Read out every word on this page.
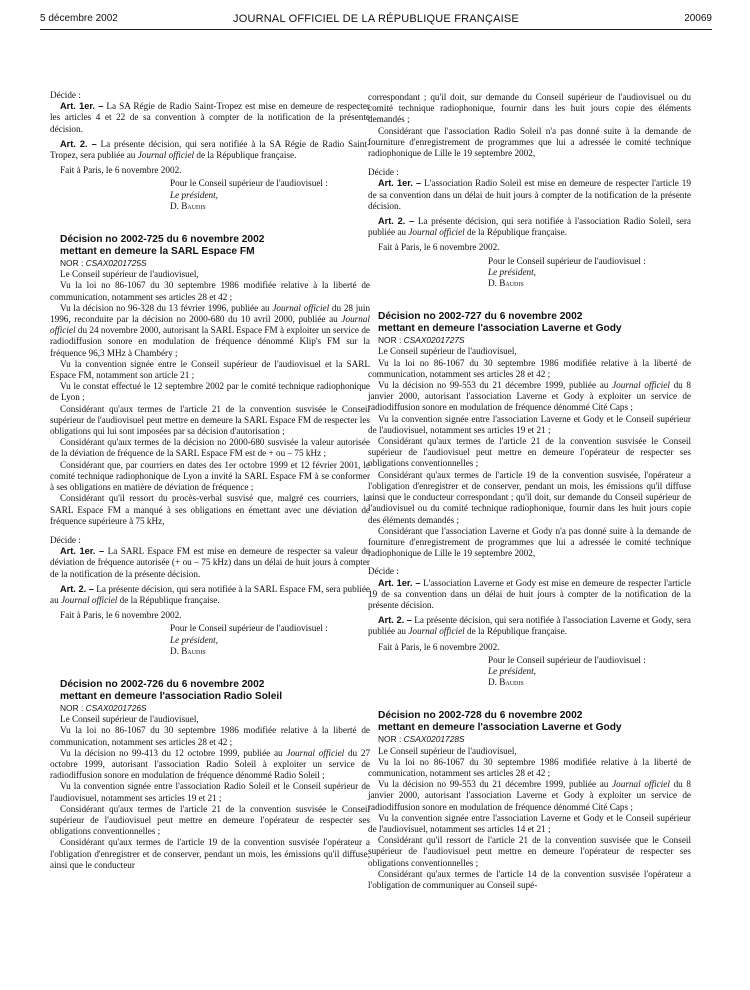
5 décembre 2002	JOURNAL OFFICIEL DE LA RÉPUBLIQUE FRANÇAISE	20069

Décide :

Art. 1er. – La SA Régie de Radio Saint-Tropez est mise en demeure de respecter les articles 4 et 22 de sa convention à compter de la notification de la présente décision.

Art. 2. – La présente décision, qui sera notifiée à la SA Régie de Radio Saint-Tropez, sera publiée au Journal officiel de la République française.

Fait à Paris, le 6 novembre 2002.

Pour le Conseil supérieur de l'audiovisuel :

Le président,

D. Baudis

Décision no 2002-725 du 6 novembre 2002

mettant en demeure la SARL Espace FM

NOR : CSAX0201725S

Le Conseil supérieur de l'audiovisuel,

Vu la loi no 86-1067 du 30 septembre 1986 modifiée relative à la liberté de communication, notamment ses articles 28 et 42 ;

Vu la décision no 96-328 du 13 février 1996, publiée au Journal officiel du 28 juin 1996, reconduite par la décision no 2000-680 du 10 avril 2000, publiée au Journal officiel du 24 novembre 2000, autorisant la SARL Espace FM à exploiter un service de radiodiffusion sonore en modulation de fréquence dénommé Klip's FM sur la fréquence 96,3 MHz à Chambéry ;

Vu la convention signée entre le Conseil supérieur de l'audiovisuel et la SARL Espace FM, notamment son article 21 ;

Vu le constat effectué le 12 septembre 2002 par le comité technique radiophonique de Lyon ;

Considérant qu'aux termes de l'article 21 de la convention susvisée le Conseil supérieur de l'audiovisuel peut mettre en demeure la SARL Espace FM de respecter les obligations qui lui sont imposées par sa décision d'autorisation ;

Considérant qu'aux termes de la décision no 2000-680 susvisée la valeur autorisée de la déviation de fréquence de la SARL Espace FM est de + ou – 75 kHz ;

Considérant que, par courriers en dates des 1er octobre 1999 et 12 février 2001, le comité technique radiophonique de Lyon a invité la SARL Espace FM à se conformer à ses obligations en matière de déviation de fréquence ;

Considérant qu'il ressort du procès-verbal susvisé que, malgré ces courriers, la SARL Espace FM a manqué à ses obligations en émettant avec une déviation de fréquence supérieure à 75 kHz,

Décide :

Art. 1er. – La SARL Espace FM est mise en demeure de respecter sa valeur de déviation de fréquence autorisée (+ ou – 75 kHz) dans un délai de huit jours à compter de la notification de la présente décision.

Art. 2. – La présente décision, qui sera notifiée à la SARL Espace FM, sera publiée au Journal officiel de la République française.

Fait à Paris, le 6 novembre 2002.

Pour le Conseil supérieur de l'audiovisuel :

Le président,

D. Baudis

Décision no 2002-726 du 6 novembre 2002

mettant en demeure l'association Radio Soleil

NOR : CSAX0201726S

Le Conseil supérieur de l'audiovisuel,

Vu la loi no 86-1067 du 30 septembre 1986 modifiée relative à la liberté de communication, notamment ses articles 28 et 42 ;

Vu la décision no 99-413 du 12 octobre 1999, publiée au Journal officiel du 27 octobre 1999, autorisant l'association Radio Soleil à exploiter un service de radiodiffusion sonore en modulation de fréquence dénommé Radio Soleil ;

Vu la convention signée entre l'association Radio Soleil et le Conseil supérieur de l'audiovisuel, notamment ses articles 19 et 21 ;

Considérant qu'aux termes de l'article 21 de la convention susvisée le Conseil supérieur de l'audiovisuel peut mettre en demeure l'opérateur de respecter ses obligations conventionnelles ;

Considérant qu'aux termes de l'article 19 de la convention susvisée l'opérateur a l'obligation d'enregistrer et de conserver, pendant un mois, les émissions qu'il diffuse, ainsi que le conducteur

correspondant ; qu'il doit, sur demande du Conseil supérieur de l'audiovisuel ou du comité technique radiophonique, fournir dans les huit jours copie des éléments demandés ;

Considérant que l'association Radio Soleil n'a pas donné suite à la demande de fourniture d'enregistrement de programmes que lui a adressée le comité technique radiophonique de Lille le 19 septembre 2002,

Décide :

Art. 1er. – L'association Radio Soleil est mise en demeure de respecter l'article 19 de sa convention dans un délai de huit jours à compter de la notification de la présente décision.

Art. 2. – La présente décision, qui sera notifiée à l'association Radio Soleil, sera publiée au Journal officiel de la République française.

Fait à Paris, le 6 novembre 2002.

Pour le Conseil supérieur de l'audiovisuel :

Le président,

D. Baudis

Décision no 2002-727 du 6 novembre 2002

mettant en demeure l'association Laverne et Gody

NOR : CSAX0201727S

Le Conseil supérieur de l'audiovisuel,

Vu la loi no 86-1067 du 30 septembre 1986 modifiée relative à la liberté de communication, notamment ses articles 28 et 42 ;

Vu la décision no 99-553 du 21 décembre 1999, publiée au Journal officiel du 8 janvier 2000, autorisant l'association Laverne et Gody à exploiter un service de radiodiffusion sonore en modulation de fréquence dénommé Cité Caps ;

Vu la convention signée entre l'association Laverne et Gody et le Conseil supérieur de l'audiovisuel, notamment ses articles 19 et 21 ;

Considérant qu'aux termes de l'article 21 de la convention susvisée le Conseil supérieur de l'audiovisuel peut mettre en demeure l'opérateur de respecter ses obligations conventionnelles ;

Considérant qu'aux termes de l'article 19 de la convention susvisée, l'opérateur a l'obligation d'enregistrer et de conserver, pendant un mois, les émissions qu'il diffuse ainsi que le conducteur correspondant ; qu'il doit, sur demande du Conseil supérieur de l'audiovisuel ou du comité technique radiophonique, fournir dans les huit jours copie des éléments demandés ;

Considérant que l'association Laverne et Gody n'a pas donné suite à la demande de fourniture d'enregistrement de programmes que lui a adressée le comité technique radiophonique de Lille le 19 septembre 2002,

Décide :

Art. 1er. – L'association Laverne et Gody est mise en demeure de respecter l'article 19 de sa convention dans un délai de huit jours à compter de la notification de la présente décision.

Art. 2. – La présente décision, qui sera notifiée à l'association Laverne et Gody, sera publiée au Journal officiel de la République française.

Fait à Paris, le 6 novembre 2002.

Pour le Conseil supérieur de l'audiovisuel :

Le président,

D. Baudis

Décision no 2002-728 du 6 novembre 2002

mettant en demeure l'association Laverne et Gody

NOR : CSAX0201728S

Le Conseil supérieur de l'audiovisuel,

Vu la loi no 86-1067 du 30 septembre 1986 modifiée relative à la liberté de communication, notamment ses articles 28 et 42 ;

Vu la décision no 99-553 du 21 décembre 1999, publiée au Journal officiel du 8 janvier 2000, autorisant l'association Laverne et Gody à exploiter un service de radiodiffusion sonore en modulation de fréquence dénommé Cité Caps ;

Vu la convention signée entre l'association Laverne et Gody et le Conseil supérieur de l'audiovisuel, notamment ses articles 14 et 21 ;

Considérant qu'il ressort de l'article 21 de la convention susvisée que le Conseil supérieur de l'audiovisuel peut mettre en demeure l'opérateur de respecter ses obligations conventionnelles ;

Considérant qu'aux termes de l'article 14 de la convention susvisée l'opérateur a l'obligation de communiquer au Conseil supé-
